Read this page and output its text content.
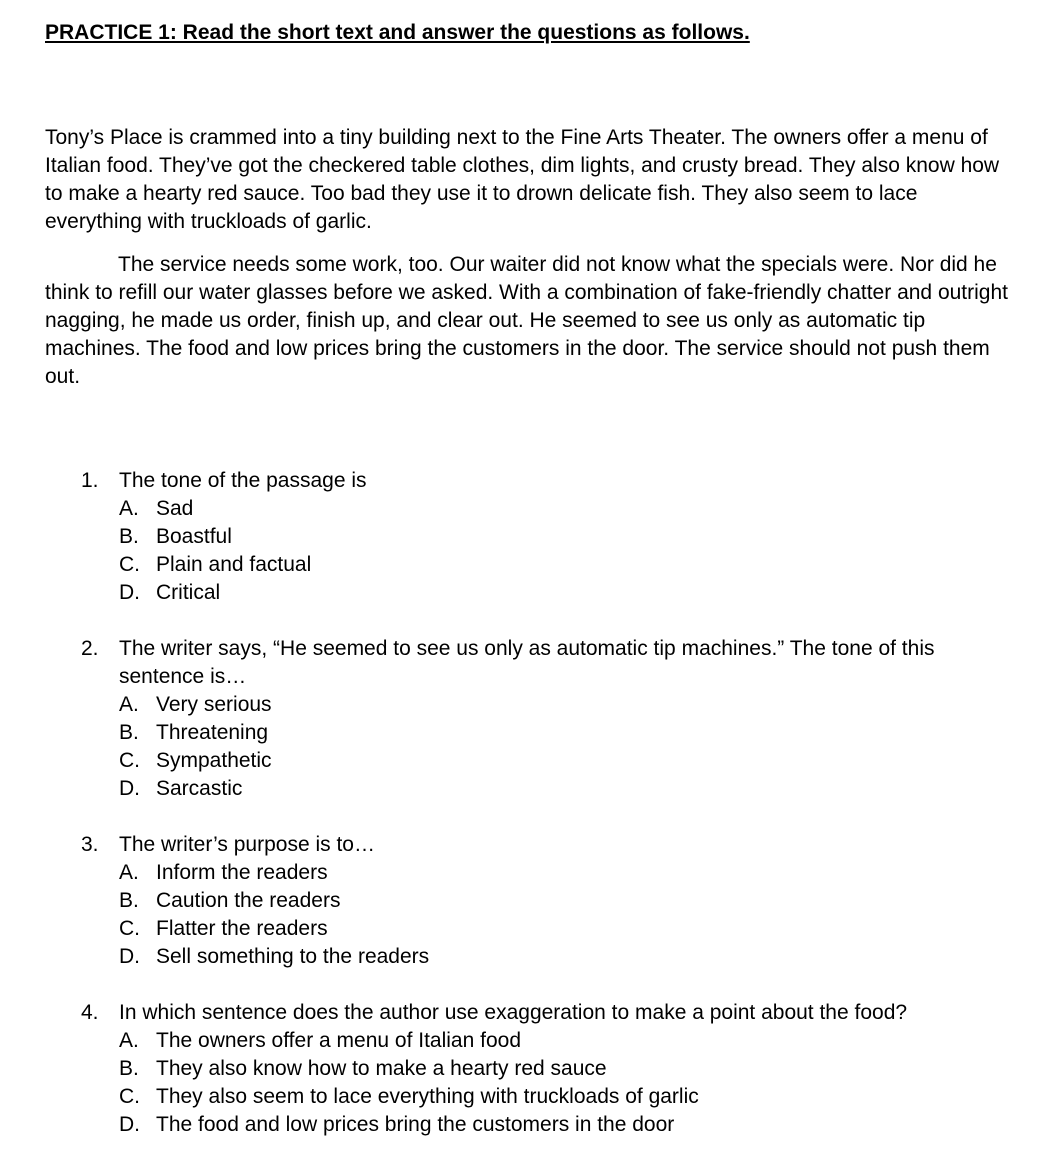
PRACTICE 1: Read the short text and answer the questions as follows.

Tony’s Place is crammed into a tiny building next to the Fine Arts Theater. The owners offer a menu of Italian food. They’ve got the checkered table clothes, dim lights, and crusty bread. They also know how to make a hearty red sauce. Too bad they use it to drown delicate fish. They also seem to lace everything with truckloads of garlic.

The service needs some work, too. Our waiter did not know what the specials were. Nor did he think to refill our water glasses before we asked. With a combination of fake-friendly chatter and outright nagging, he made us order, finish up, and clear out. He seemed to see us only as automatic tip machines. The food and low prices bring the customers in the door. The service should not push them out.

1. The tone of the passage is

A. Sad
B. Boastful
C. Plain and factual
D. Critical
2. The writer says, “He seemed to see us only as automatic tip machines.” The tone of this sentence is…

A. Very serious
B. Threatening
C. Sympathetic
D. Sarcastic
3. The writer’s purpose is to…

A. Inform the readers
B. Caution the readers
C. Flatter the readers
D. Sell something to the readers
4. In which sentence does the author use exaggeration to make a point about the food?

A. The owners offer a menu of Italian food
B. They also know how to make a hearty red sauce
C. They also seem to lace everything with truckloads of garlic
D. The food and low prices bring the customers in the door
